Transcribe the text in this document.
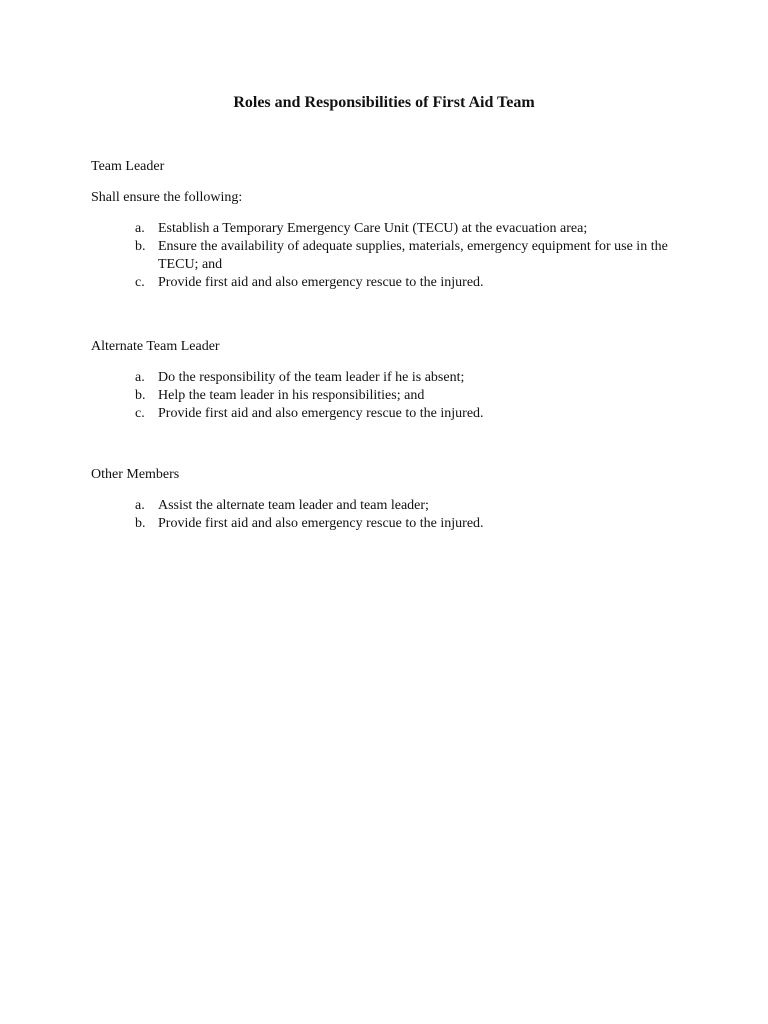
Roles and Responsibilities of First Aid Team
Team Leader
Shall ensure the following:
a. Establish a Temporary Emergency Care Unit (TECU) at the evacuation area;
b. Ensure the availability of adequate supplies, materials, emergency equipment for use in the TECU; and
c. Provide first aid and also emergency rescue to the injured.
Alternate Team Leader
a. Do the responsibility of the team leader if he is absent;
b. Help the team leader in his responsibilities; and
c. Provide first aid and also emergency rescue to the injured.
Other Members
a. Assist the alternate team leader and team leader;
b. Provide first aid and also emergency rescue to the injured.
